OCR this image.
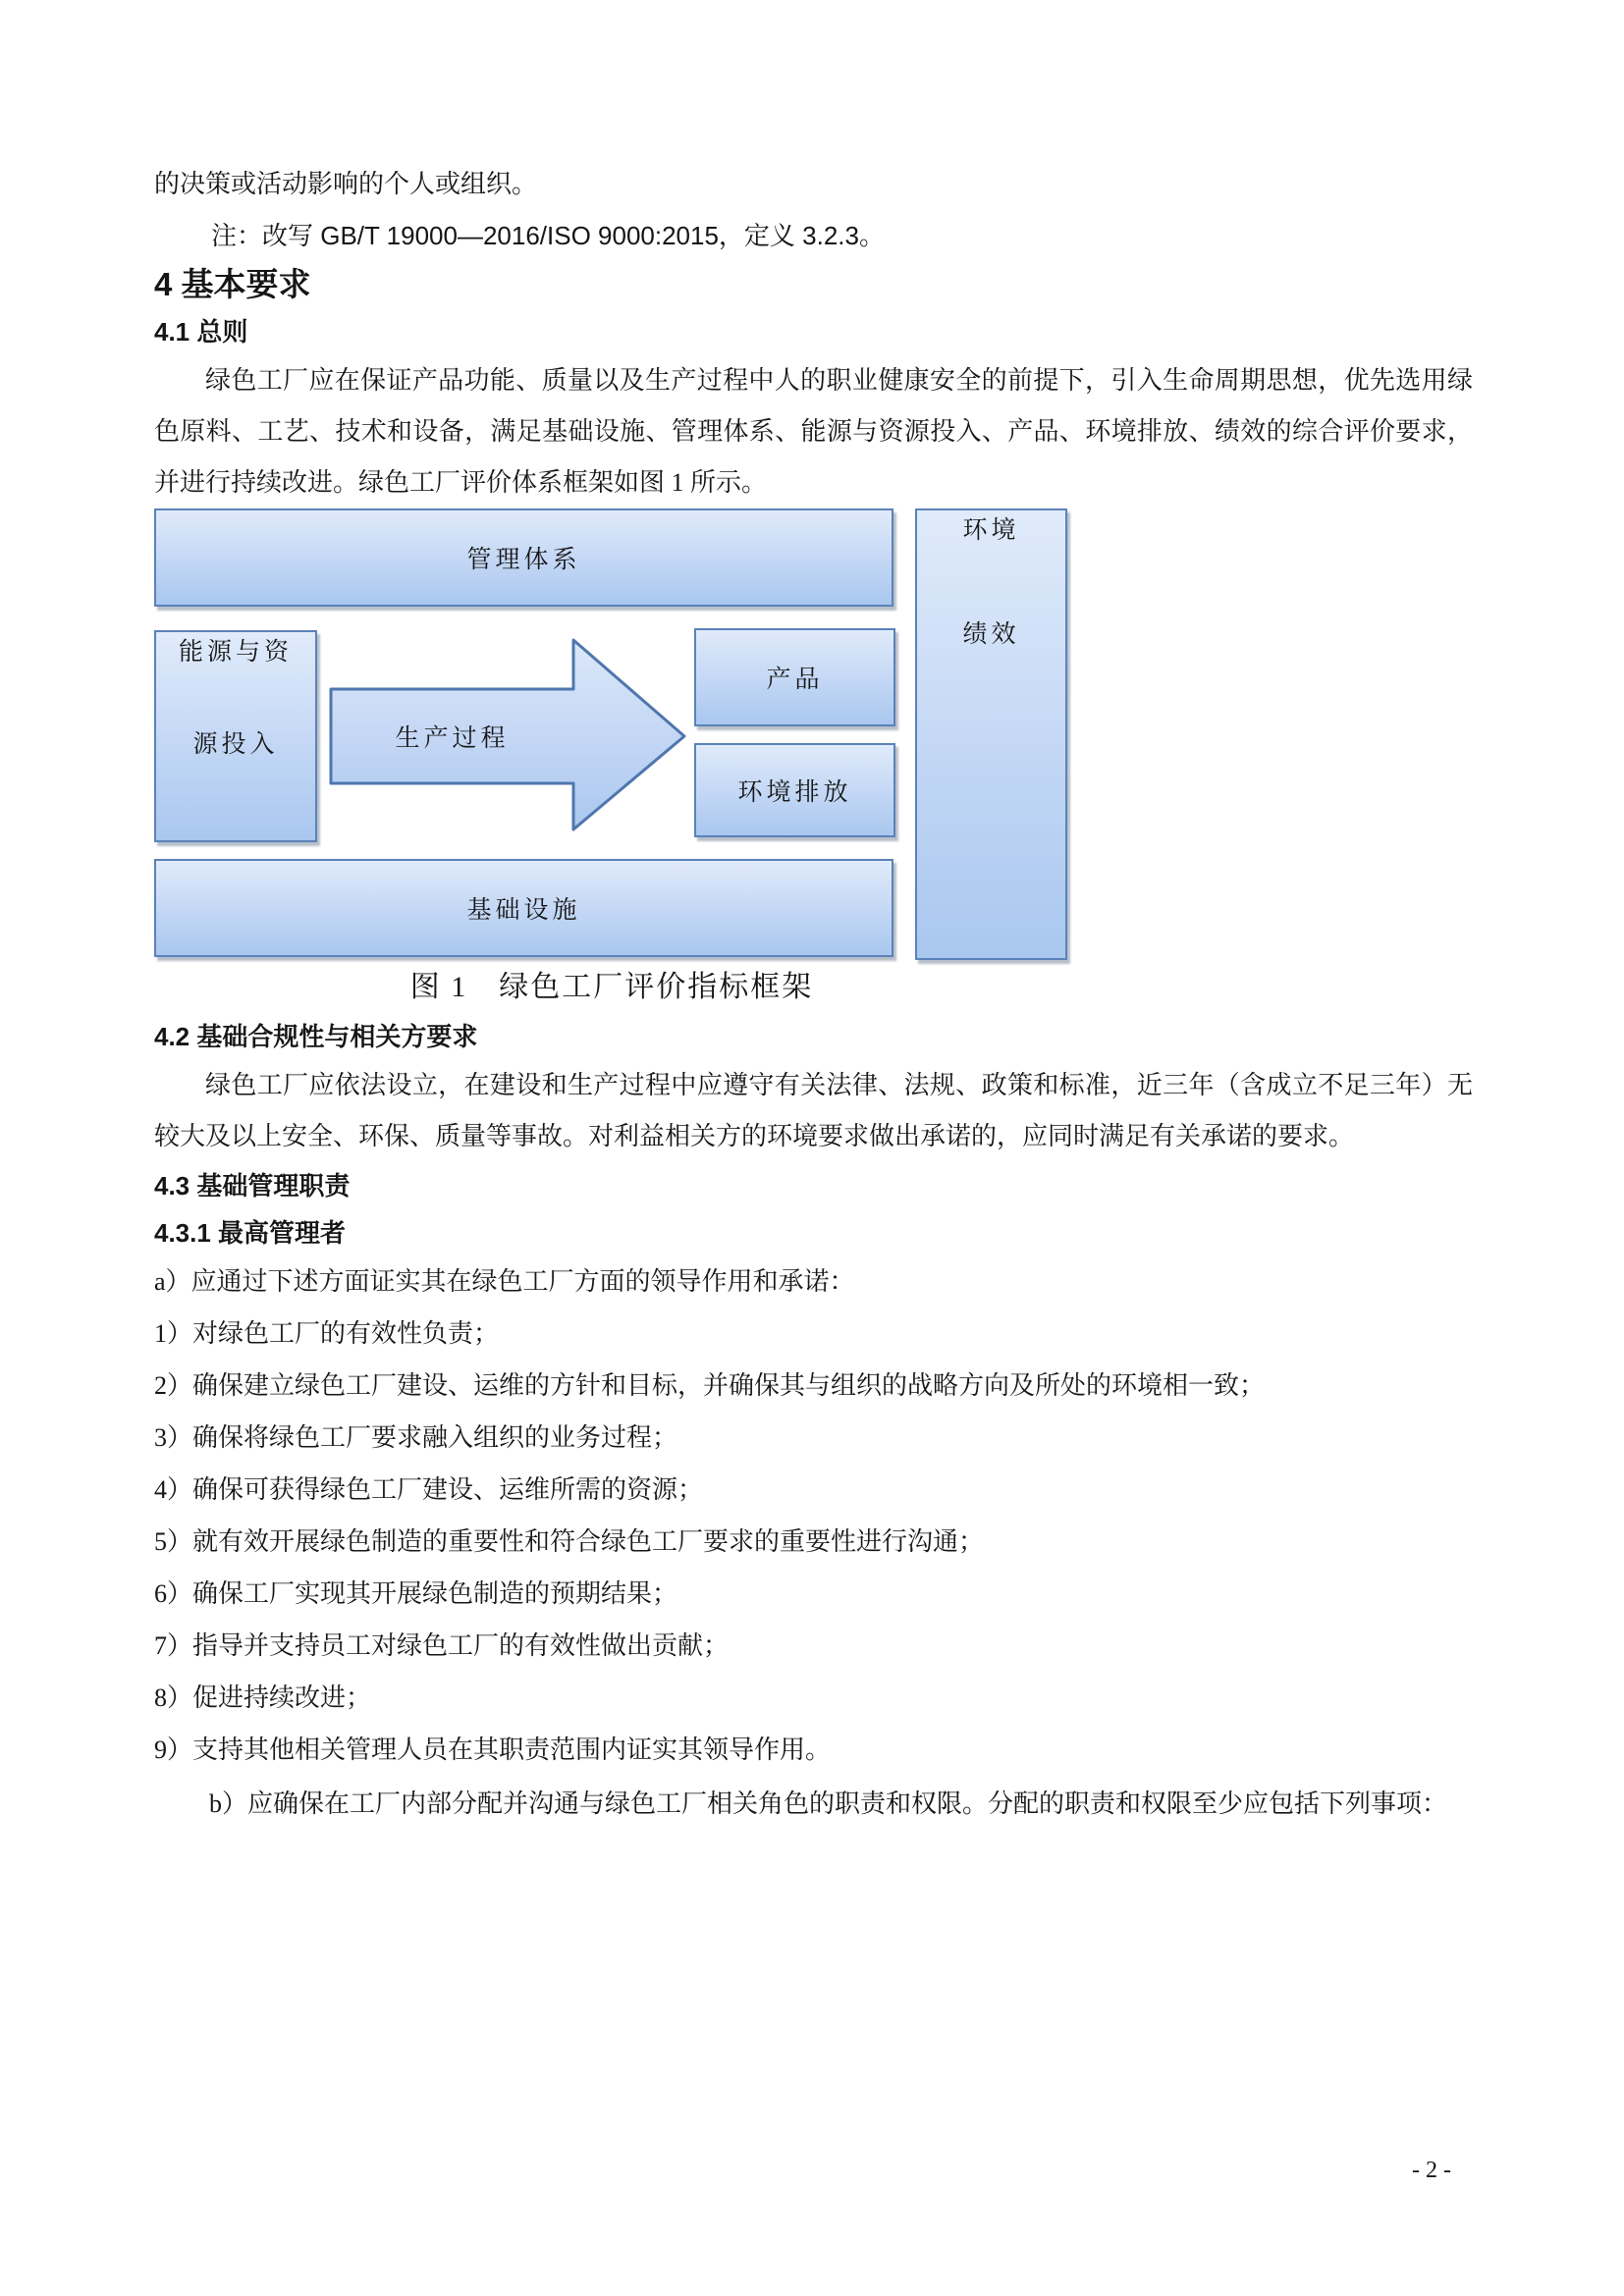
的决策或活动影响的个人或组织。

注：改写 GB/T 19000—2016/ISO 9000:2015，定义 3.2.3。

4 基本要求
4.1 总则

绿色工厂应在保证产品功能、质量以及生产过程中人的职业健康安全的前提下，引入生命周期思想，优先选用绿色原料、工艺、技术和设备，满足基础设施、管理体系、能源与资源投入、产品、环境排放、绩效的综合评价要求，并进行持续改进。绿色工厂评价体系框架如图 1 所示。

管理体系
能源与资
源投入	生产过程
产品
环境排放
环境
绩效
基础设施

图 1　绿色工厂评价指标框架

4.2 基础合规性与相关方要求

绿色工厂应依法设立，在建设和生产过程中应遵守有关法律、法规、政策和标准，近三年（含成立不足三年）无较大及以上安全、环保、质量等事故。对利益相关方的环境要求做出承诺的，应同时满足有关承诺的要求。

4.3 基础管理职责
4.3.1 最高管理者

a）应通过下述方面证实其在绿色工厂方面的领导作用和承诺：

1）对绿色工厂的有效性负责；

2）确保建立绿色工厂建设、运维的方针和目标，并确保其与组织的战略方向及所处的环境相一致；

3）确保将绿色工厂要求融入组织的业务过程；

4）确保可获得绿色工厂建设、运维所需的资源；

5）就有效开展绿色制造的重要性和符合绿色工厂要求的重要性进行沟通；

6）确保工厂实现其开展绿色制造的预期结果；

7）指导并支持员工对绿色工厂的有效性做出贡献；

8）促进持续改进；

9）支持其他相关管理人员在其职责范围内证实其领导作用。

b）应确保在工厂内部分配并沟通与绿色工厂相关角色的职责和权限。分配的职责和权限至少应包括下列事项：

- 2 -
